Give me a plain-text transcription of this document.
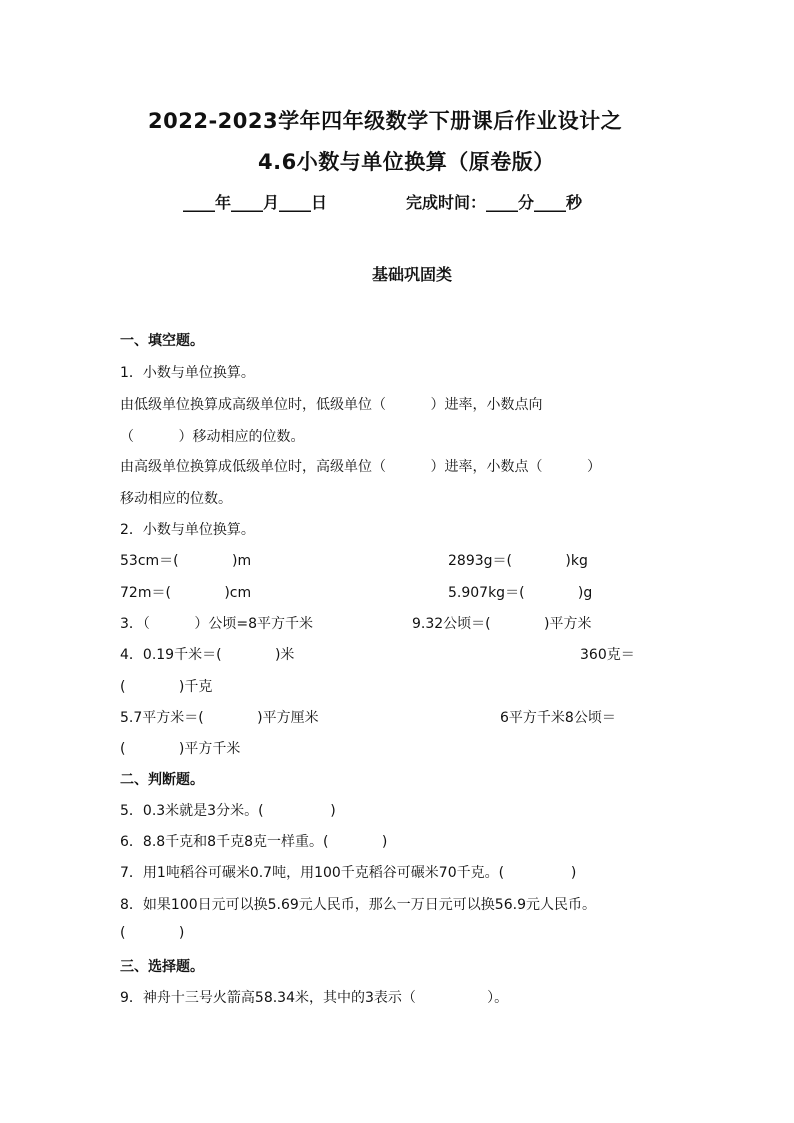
2022-2023学年四年级数学下册课后作业设计之
4.6小数与单位换算（原卷版）
____年____月____日	完成时间：____分____秒
基础巩固类
一、填空题。
1．小数与单位换算。
由低级单位换算成高级单位时，低级单位（          ）进率，小数点向
（          ）移动相应的位数。
由高级单位换算成低级单位时，高级单位（          ）进率，小数点（          ）
移动相应的位数。
2．小数与单位换算。
53cm＝(            )m	2893g＝(            )kg
72m＝(            )cm	5.907kg＝(            )g
3．（          ）公顷=8平方千米	9.32公顷＝(            )平方米
4．0.19千米＝(            )米	360克＝
(            )千克
5.7平方米＝(            )平方厘米	6平方千米8公顷＝
(            )平方千米
二、判断题。
5．0.3米就是3分米。(               )
6．8.8千克和8千克8克一样重。(            )
7．用1吨稻谷可碾米0.7吨，用100千克稻谷可碾米70千克。(               )
8．如果100日元可以换5.69元人民币，那么一万日元可以换56.9元人民币。
(            )
三、选择题。
9．神舟十三号火箭高58.34米，其中的3表示（                ）。
